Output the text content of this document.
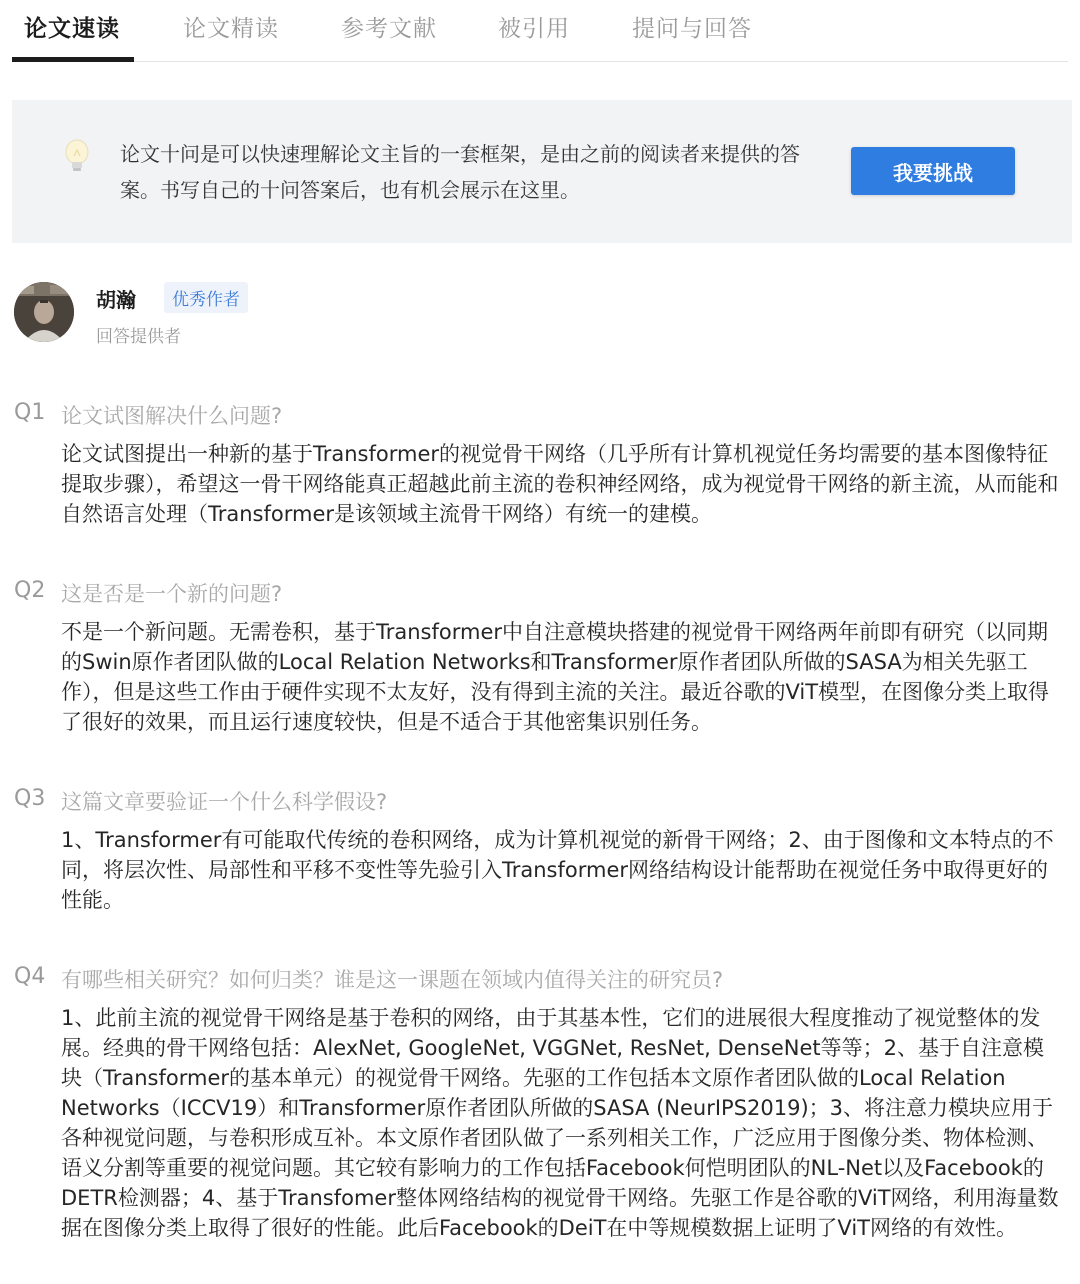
论文速读	论文精读	参考文献	被引用	提问与回答
论文十问是可以快速理解论文主旨的一套框架，是由之前的阅读者来提供的答案。书写自己的十问答案后，也有机会展示在这里。
我要挑战
胡瀚	优秀作者
回答提供者
Q1 论文试图解决什么问题?
论文试图提出一种新的基于Transformer的视觉骨干网络（几乎所有计算机视觉任务均需要的基本图像特征提取步骤），希望这一骨干网络能真正超越此前主流的卷积神经网络，成为视觉骨干网络的新主流，从而能和自然语言处理（Transformer是该领域主流骨干网络）有统一的建模。
Q2 这是否是一个新的问题?
不是一个新问题。无需卷积，基于Transformer中自注意模块搭建的视觉骨干网络两年前即有研究（以同期的Swin原作者团队做的Local Relation Networks和Transformer原作者团队所做的SASA为相关先驱工作），但是这些工作由于硬件实现不太友好，没有得到主流的关注。最近谷歌的ViT模型，在图像分类上取得了很好的效果，而且运行速度较快，但是不适合于其他密集识别任务。
Q3 这篇文章要验证一个什么科学假设?
1、Transformer有可能取代传统的卷积网络，成为计算机视觉的新骨干网络；2、由于图像和文本特点的不同，将层次性、局部性和平移不变性等先验引入Transformer网络结构设计能帮助在视觉任务中取得更好的性能。
Q4 有哪些相关研究？如何归类？谁是这一课题在领域内值得关注的研究员?
1、此前主流的视觉骨干网络是基于卷积的网络，由于其基本性，它们的进展很大程度推动了视觉整体的发展。经典的骨干网络包括：AlexNet, GoogleNet, VGGNet, ResNet, DenseNet等等；2、基于自注意模块（Transformer的基本单元）的视觉骨干网络。先驱的工作包括本文原作者团队做的Local Relation Networks（ICCV19）和Transformer原作者团队所做的SASA (NeurIPS2019)；3、将注意力模块应用于各种视觉问题，与卷积形成互补。本文原作者团队做了一系列相关工作，广泛应用于图像分类、物体检测、语义分割等重要的视觉问题。其它较有影响力的工作包括Facebook何恺明团队的NL-Net以及Facebook的DETR检测器；4、基于Transfomer整体网络结构的视觉骨干网络。先驱工作是谷歌的ViT网络，利用海量数据在图像分类上取得了很好的性能。此后Facebook的DeiT在中等规模数据上证明了ViT网络的有效性。
